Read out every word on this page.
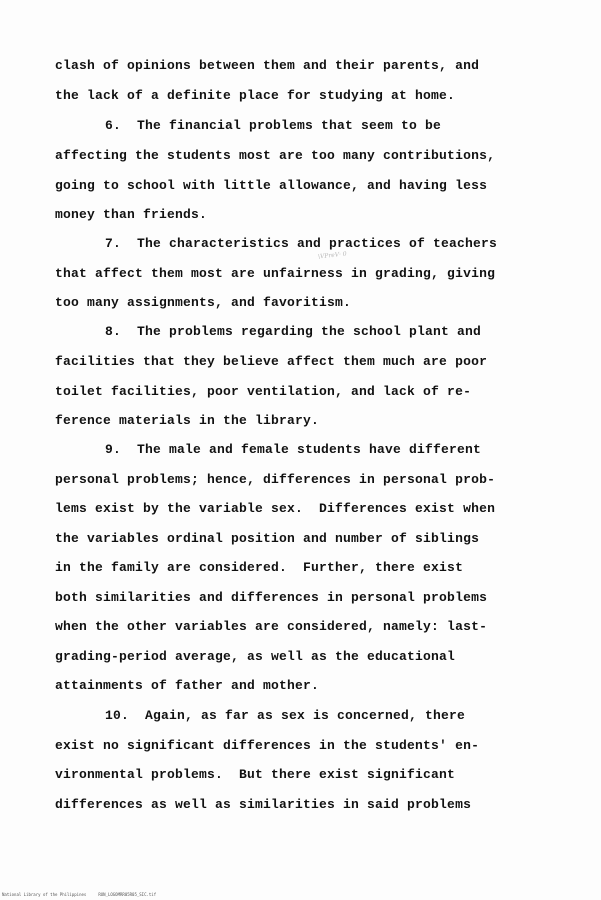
clash of opinions between them and their parents, and

the lack of a definite place for studying at home.

6.  The financial problems that seem to be

affecting the students most are too many contributions,

going to school with little allowance, and having less

money than friends.

7.  The characteristics and practices of teachers

that affect them most are unfairness in grading, giving

too many assignments, and favoritism.

8.  The problems regarding the school plant and

facilities that they believe affect them much are poor

toilet facilities, poor ventilation, and lack of re-

ference materials in the library.

9.  The male and female students have different

personal problems; hence, differences in personal prob-

lems exist by the variable sex.  Differences exist when

the variables ordinal position and number of siblings

in the family are considered.  Further, there exist

both similarities and differences in personal problems

when the other variables are considered, namely: last-

grading-period average, as well as the educational

attainments of father and mother.

10.  Again, as far as sex is concerned, there

exist no significant differences in the students' en-

vironmental problems.  But there exist significant

differences as well as similarities in said problems

\VPreV· 0
National Library of the Philippines     RUN_LOGOMRR05R05_SIC.tif
